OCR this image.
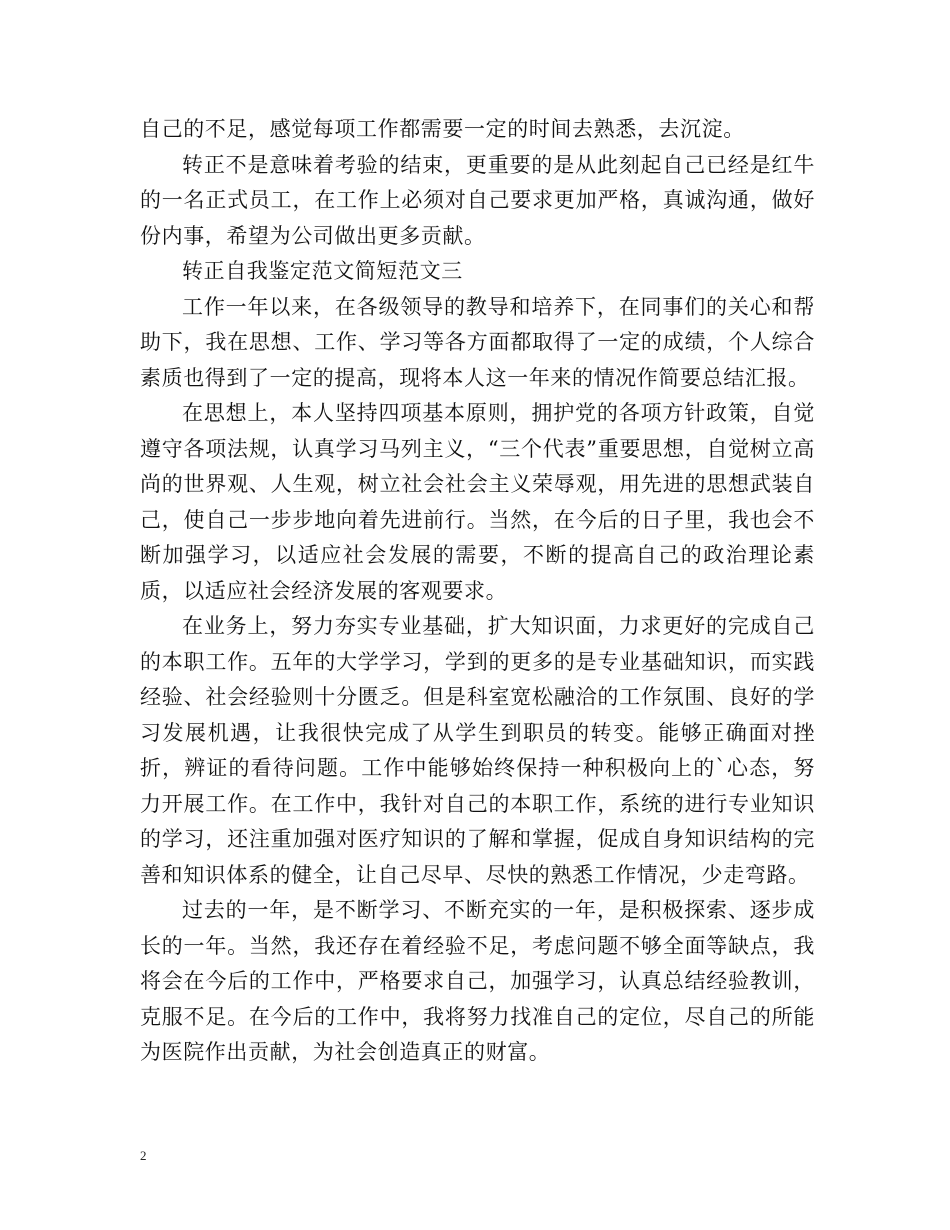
自己的不足，感觉每项工作都需要一定的时间去熟悉，去沉淀。

转正不是意味着考验的结束，更重要的是从此刻起自己已经是红牛的一名正式员工，在工作上必须对自己要求更加严格，真诚沟通，做好份内事，希望为公司做出更多贡献。

转正自我鉴定范文简短范文三

工作一年以来，在各级领导的教导和培养下，在同事们的关心和帮助下，我在思想、工作、学习等各方面都取得了一定的成绩，个人综合素质也得到了一定的提高，现将本人这一年来的情况作简要总结汇报。

在思想上，本人坚持四项基本原则，拥护党的各项方针政策，自觉遵守各项法规，认真学习马列主义，“三个代表”重要思想，自觉树立高尚的世界观、人生观，树立社会社会主义荣辱观，用先进的思想武装自己，使自己一步步地向着先进前行。当然，在今后的日子里，我也会不断加强学习，以适应社会发展的需要，不断的提高自己的政治理论素质，以适应社会经济发展的客观要求。

在业务上，努力夯实专业基础，扩大知识面，力求更好的完成自己的本职工作。五年的大学学习，学到的更多的是专业基础知识，而实践经验、社会经验则十分匮乏。但是科室宽松融洽的工作氛围、良好的学习发展机遇，让我很快完成了从学生到职员的转变。能够正确面对挫折，辨证的看待问题。工作中能够始终保持一种积极向上的`心态，努力开展工作。在工作中，我针对自己的本职工作，系统的进行专业知识的学习，还注重加强对医疗知识的了解和掌握，促成自身知识结构的完善和知识体系的健全，让自己尽早、尽快的熟悉工作情况，少走弯路。

过去的一年，是不断学习、不断充实的一年，是积极探索、逐步成长的一年。当然，我还存在着经验不足，考虑问题不够全面等缺点，我将会在今后的工作中，严格要求自己，加强学习，认真总结经验教训，克服不足。在今后的工作中，我将努力找准自己的定位，尽自己的所能为医院作出贡献，为社会创造真正的财富。

2
